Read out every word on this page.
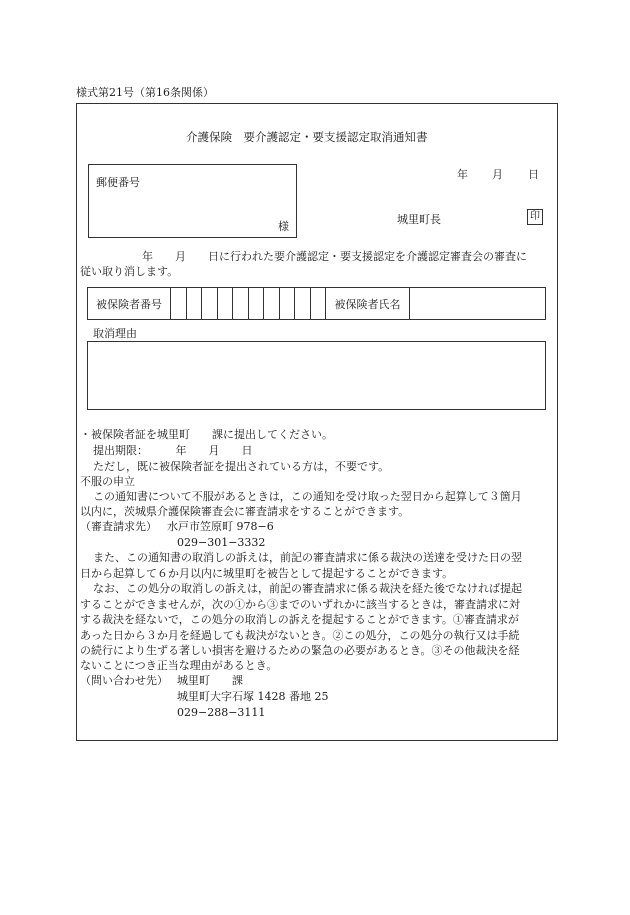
様式第21号（第16条関係）
介護保険　要介護認定・要支援認定取消通知書
郵便番号
様
年 月 日
城里町長	印
年　　月　　日に行われた要介護認定・要支援認定を介護認定審査会の審査に
従い取り消します。
被保険者番号	被保険者氏名
取消理由
・被保険者証を城里町　　課に提出してください。
提出期限：　　　年　　月　　日
ただし，既に被保険者証を提出されている方は，不要です。
不服の申立
この通知書について不服があるときは，この通知を受け取った翌日から起算して３箇月
以内に，茨城県介護保険審査会に審査請求をすることができます。
（審査請求先） 水戸市笠原町 978−6
029−301−3332
また、この通知書の取消しの訴えは，前記の審査請求に係る裁決の送達を受けた日の翌
日から起算して６か月以内に城里町を被告として提起することができます。
なお、この処分の取消しの訴えは，前記の審査請求に係る裁決を経た後でなければ提起
することができませんが，次の①から③までのいずれかに該当するときは，審査請求に対
する裁決を経ないで，この処分の取消しの訴えを提起することができます。①審査請求が
あった日から３か月を経過しても裁決がないとき。②この処分，この処分の執行又は手続
の続行により生ずる著しい損害を避けるための緊急の必要があるとき。③その他裁決を経
ないことにつき正当な理由があるとき。
（問い合わせ先） 城里町　　課
城里町大字石塚 1428 番地 25
029−288−3111
